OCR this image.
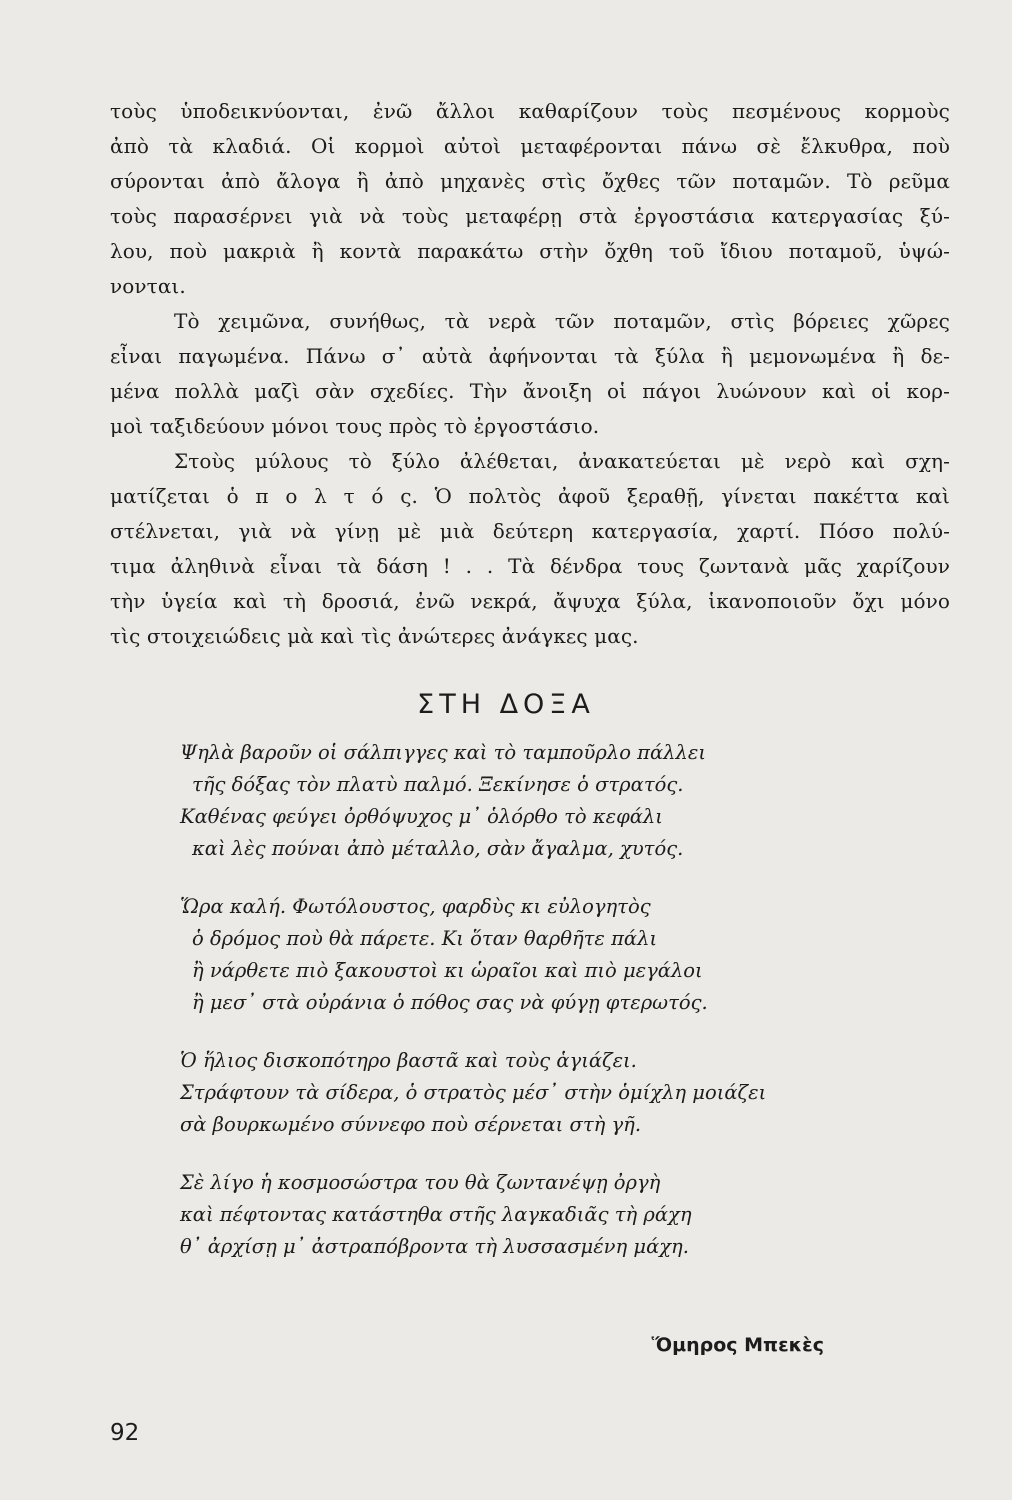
τοὺς ὑποδεικνύονται, ἐνῶ ἄλλοι καθαρίζουν τοὺς πεσμένους κορμοὺς
ἀπὸ τὰ κλαδιά. Οἱ κορμοὶ αὐτοὶ μεταφέρονται πάνω σὲ ἔλκυθρα, ποὺ
σύρονται ἀπὸ ἄλογα ἢ ἀπὸ μηχανὲς στὶς ὄχθες τῶν ποταμῶν. Τὸ ρεῦμα
τοὺς παρασέρνει γιὰ νὰ τοὺς μεταφέρῃ στὰ ἐργοστάσια κατεργασίας ξύ-
λου, ποὺ μακριὰ ἢ κοντὰ παρακάτω στὴν ὄχθη τοῦ ἴδιου ποταμοῦ, ὑψώ-
νονται.

Τὸ χειμῶνα, συνήθως, τὰ νερὰ τῶν ποταμῶν, στὶς βόρειες χῶρες
εἶναι παγωμένα. Πάνω σ᾿ αὐτὰ ἀφήνονται τὰ ξύλα ἢ μεμονωμένα ἢ δε-
μένα πολλὰ μαζὶ σὰν σχεδίες. Τὴν ἄνοιξη οἱ πάγοι λυώνουν καὶ οἱ κορ-
μοὶ ταξιδεύουν μόνοι τους πρὸς τὸ ἐργοστάσιο.

Στοὺς μύλους τὸ ξύλο ἀλέθεται, ἀνακατεύεται μὲ νερὸ καὶ σχη-
ματίζεται ὁ π ο λ τ ό ς. Ὁ πολτὸς ἀφοῦ ξεραθῇ, γίνεται πακέττα καὶ
στέλνεται, γιὰ νὰ γίνῃ μὲ μιὰ δεύτερη κατεργασία, χαρτί. Πόσο πολύ-
τιμα ἀληθινὰ εἶναι τὰ δάση ! . . Τὰ δένδρα τους ζωντανὰ μᾶς χαρίζουν
τὴν ὑγεία καὶ τὴ δροσιά, ἐνῶ νεκρά, ἄψυχα ξύλα, ἱκανοποιοῦν ὄχι μόνο
τὶς στοιχειώδεις μὰ καὶ τὶς ἀνώτερες ἀνάγκες μας.

ΣΤΗ ΔΟΞΑ
Ψηλὰ βαροῦν οἱ σάλπιγγες καὶ τὸ ταμποῦρλο πάλλει
τῆς δόξας τὸν πλατὺ παλμό. Ξεκίνησε ὁ στρατός.
Καθένας φεύγει ὀρθόψυχος μ᾿ ὁλόρθο τὸ κεφάλι
καὶ λὲς πούναι ἀπὸ μέταλλο, σὰν ἄγαλμα, χυτός.
Ὥρα καλή. Φωτόλουστος, φαρδὺς κι εὐλογητὸς
ὁ δρόμος ποὺ θὰ πάρετε. Κι ὅταν θαρθῆτε πάλι
ἢ νάρθετε πιὸ ξακουστοὶ κι ὡραῖοι καὶ πιὸ μεγάλοι
ἢ μεσ᾿ στὰ οὐράνια ὁ πόθος σας νὰ φύγῃ φτερωτός.
Ὁ ἥλιος δισκοπότηρο βαστᾶ καὶ τοὺς ἁγιάζει.
Στράφτουν τὰ σίδερα, ὁ στρατὸς μέσ᾿ στὴν ὁμίχλη μοιάζει
σὰ βουρκωμένο σύννεφο ποὺ σέρνεται στὴ γῆ.
Σὲ λίγο ἡ κοσμοσώστρα του θὰ ζωντανέψῃ ὀργὴ
καὶ πέφτοντας κατάστηθα στῆς λαγκαδιᾶς τὴ ράχη
θ᾿ ἀρχίσῃ μ᾿ ἀστραπόβροντα τὴ λυσσασμένη μάχη.
Ὅμηρος Μπεκὲς
92
